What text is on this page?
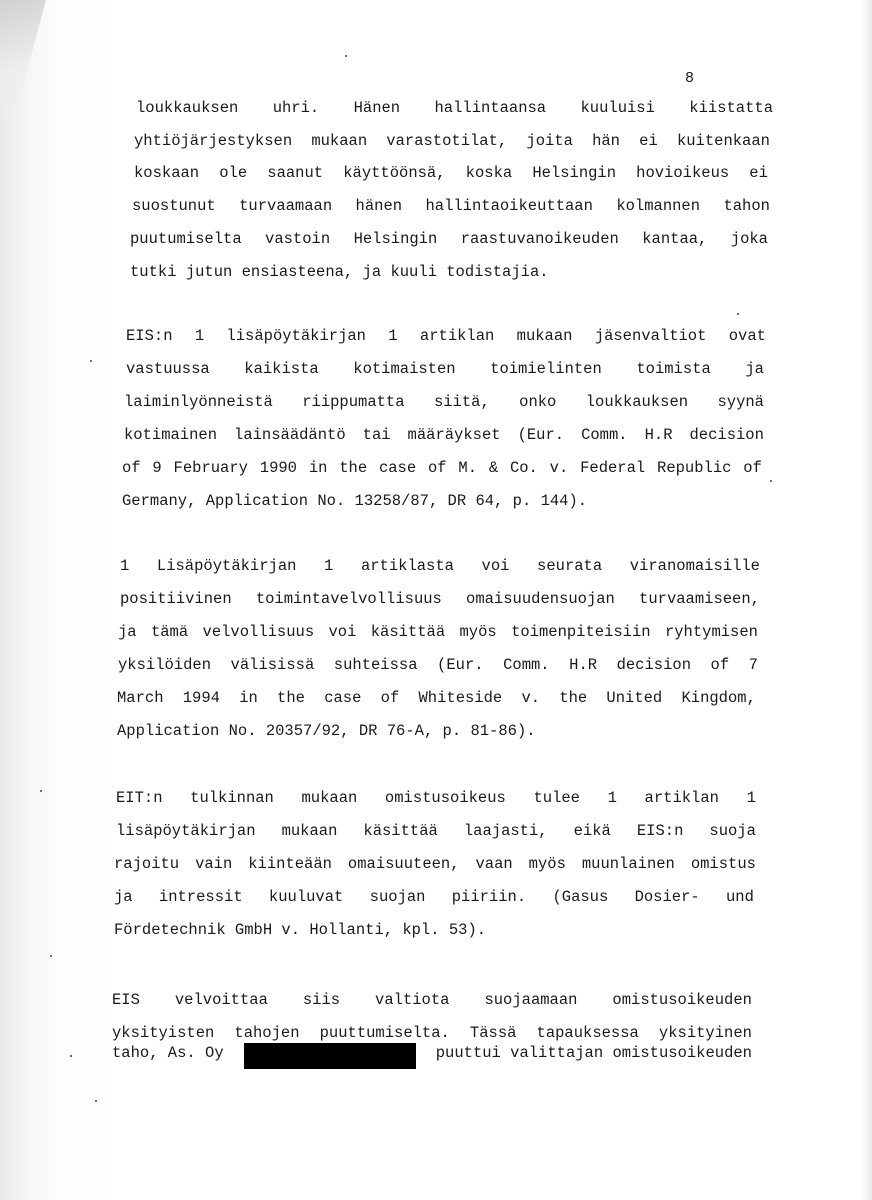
8
loukkauksen uhri. Hänen hallintaansa kuuluisi kiistatta
yhtiöjärjestyksen mukaan varastotilat, joita hän ei kuitenkaan
koskaan ole saanut käyttöönsä, koska Helsingin hovioikeus ei
suostunut turvaamaan hänen hallintaoikeuttaan kolmannen tahon
puutumiselta vastoin Helsingin raastuvanoikeuden kantaa, joka
tutki jutun ensiasteena, ja kuuli todistajia.
EIS:n 1 lisäpöytäkirjan 1 artiklan mukaan jäsenvaltiot ovat
vastuussa kaikista kotimaisten toimielinten toimista ja
laiminlyönneistä riippumatta siitä, onko loukkauksen syynä
kotimainen lainsäädäntö tai määräykset (Eur. Comm. H.R decision
of 9 February 1990 in the case of M. & Co. v. Federal Republic of
Germany, Application No. 13258/87, DR 64, p. 144).
1 Lisäpöytäkirjan 1 artiklasta voi seurata viranomaisille
positiivinen toimintavelvollisuus omaisuudensuojan turvaamiseen,
ja tämä velvollisuus voi käsittää myös toimenpiteisiin ryhtymisen
yksilöiden välisissä suhteissa (Eur. Comm. H.R decision of 7
March 1994 in the case of Whiteside v. the United Kingdom,
Application No. 20357/92, DR 76-A, p. 81-86).
EIT:n tulkinnan mukaan omistusoikeus tulee 1 artiklan 1
lisäpöytäkirjan mukaan käsittää laajasti, eikä EIS:n suoja
rajoitu vain kiinteään omaisuuteen, vaan myös muunlainen omistus
ja intressit kuuluvat suojan piiriin. (Gasus Dosier- und
Fördetechnik GmbH v. Hollanti, kpl. 53).
EIS velvoittaa siis valtiota suojaamaan omistusoikeuden
yksityisten tahojen puuttumiselta. Tässä tapauksessa yksityinen
taho, As. Oy	puuttui valittajan omistusoikeuden
